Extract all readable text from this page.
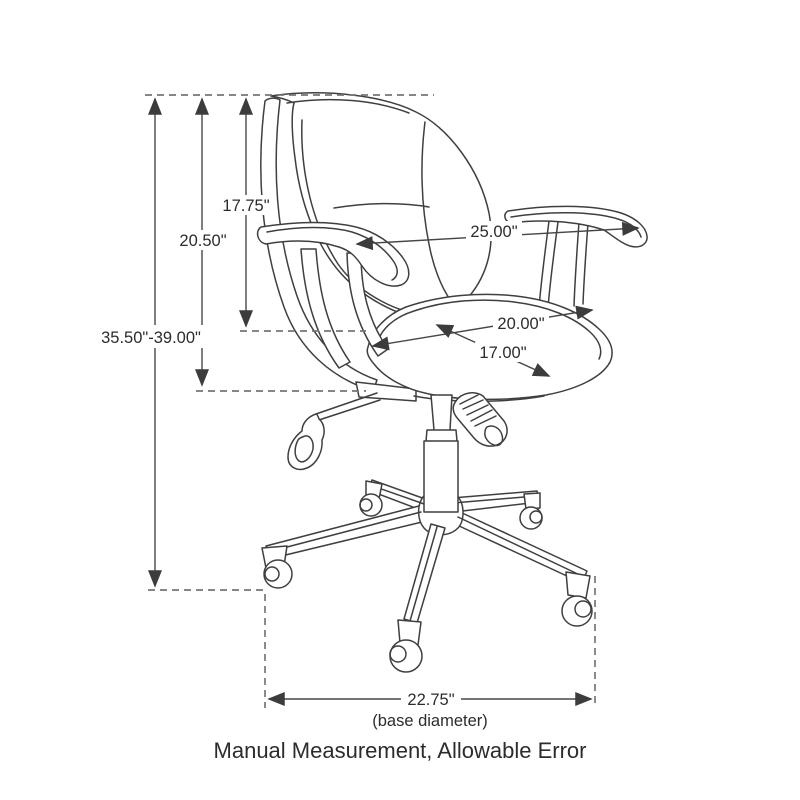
35.50"-39.00"
20.50"
17.75"
25.00"
20.00"
17.00"
22.75"
(base diameter)
Manual Measurement, Allowable Error
